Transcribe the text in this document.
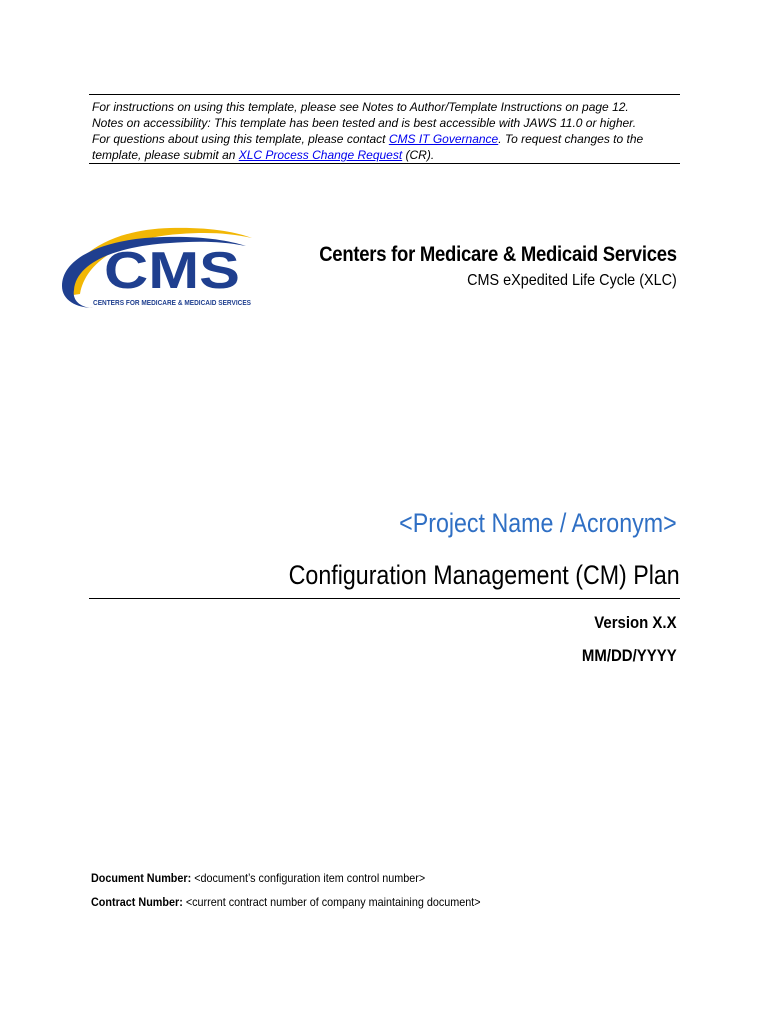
For instructions on using this template, please see Notes to Author/Template Instructions on page 12.

Notes on accessibility: This template has been tested and is best accessible with JAWS 11.0 or higher.

For questions about using this template, please contact CMS IT Governance. To request changes to the

template, please submit an XLC Process Change Request (CR).

CMS
CENTERS FOR MEDICARE & MEDICAID SERVICES
Centers for Medicare & Medicaid Services
CMS eXpedited Life Cycle (XLC)
<Project Name / Acronym>
Configuration Management (CM) Plan
Version X.X
MM/DD/YYYY
Document Number: <document’s configuration item control number>
Contract Number: <current contract number of company maintaining document>
